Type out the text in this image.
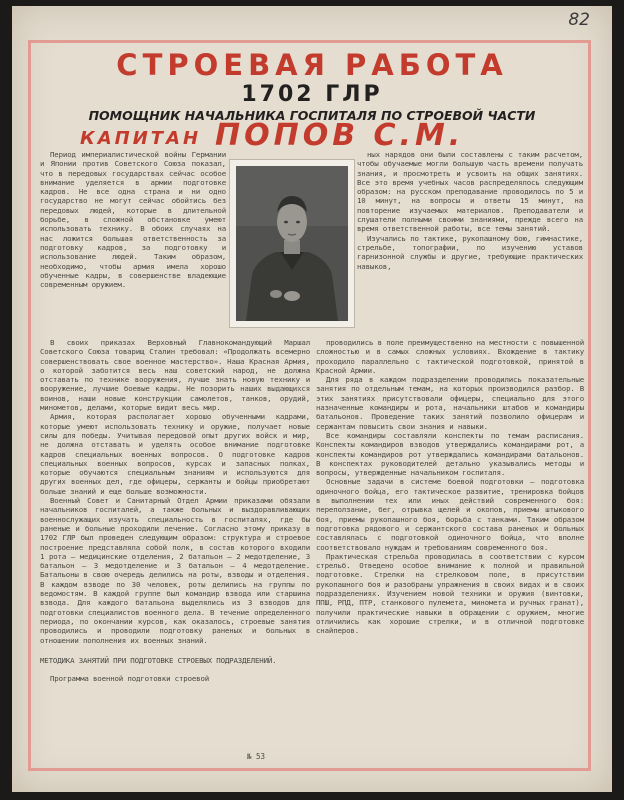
82
СТРОЕВАЯ РАБОТА
1702 ГЛР
ПОМОЩНИК НАЧАЛЬНИКА ГОСПИТАЛЯ ПО СТРОЕВОЙ ЧАСТИ
КАПИТАН ПОПОВ С.М.

Период империалистической войны Германии и Японии против Советского Союза показал, что в передовых государствах сейчас особое внимание уделяется в армии подготовке кадров. Не все одна страна и ни одно государство не могут сейчас обойтись без передовых людей, которые в длительной борьбе, в сложной обстановке умеют использовать технику. В обоих случаях на нас ложится большая ответственность за подготовку кадров, за подготовку и использование людей. Таким образом, необходимо, чтобы армия имела хорошо обученные кадры, в совершенстве владеющие современным оружием.

ных нарядов они были составлены с таким расчетом, чтобы обучаемые могли большую часть времени получать знания, и просмотреть и усвоить на общих занятиях. Все это время учебных часов распределялось следующим образом: на русском преподавание проводилось по 5 и 10 минут, на вопросы и ответы 15 минут, на повторение изучаемых материалов. Преподаватели и слушатели полными своими знаниями, прежде всего на время ответственной работы, все темы занятий.

Изучались по тактике, рукопашному бою, гимнастике, стрельбе, топографии, по изучению уставов гарнизонной службы и другие, требующие практических навыков,

В своих приказах Верховный Главнокомандующий Маршал Советского Союза товарищ Сталин требовал: «Продолжать всемерно совершенствовать свое военное мастерство». Наша Красная Армия, о которой заботится весь наш советский народ, не должна отставать по технике вооружения, лучше знать новую технику и вооружение, лучшие боевые кадры. Не позорить наших выдающихся воинов, наши новые конструкции самолетов, танков, орудий, минометов, делами, которые видит весь мир.

Армия, которая располагает хорошо обученными кадрами, которые умеют использовать технику и оружие, получает новые силы для победы. Учитывая передовой опыт других войск и мир, не должна отставать и уделять особое внимание подготовке кадров специальных военных вопросов. О подготовке кадров специальных военных вопросов, курсах и запасных полках, которые обучаются специальным знаниям и используются для других военных дел, где офицеры, сержанты и бойцы приобретают больше знаний и еще больше возможности.

Военный Совет и Санитарный Отдел Армии приказами обязали начальников госпиталей, а также больных и выздоравливающих военнослужащих изучать специальность в госпиталях, где бы раненые и больные проходили лечение. Согласно этому приказу в 1702 ГЛР был проведен следующим образом: структура и строевое построение представляла собой полк, в состав которого входили 1 рота — медицинские отделения, 2 батальон — 2 медотделение, 3 батальон — 3 медотделение и 3 батальон — 4 медотделение. Батальоны в свою очередь делились на роты, взводы и отделения. В каждом взводе по 30 человек, роты делились на группы по ведомостям. В каждой группе был командир взвода или старшина взвода. Для каждого батальона выделялись из 3 взводов для подготовки специалистов военного дела. В течение определенного периода, по окончании курсов, как оказалось, строевые занятия проводились и проводили подготовку раненых и больных в отношении пополнения их военных знаний.

МЕТОДИКА ЗАНЯТИЙ ПРИ ПОДГОТОВКЕ СТРОЕВЫХ ПОДРАЗДЕЛЕНИЙ.

Программа военной подготовки строевой

№ 53

проводились в поле преимущественно на местности с повышенной сложностью и в самых сложных условиях. Вхождение в тактику проходило параллельно с тактической подготовкой, принятой в Красной Армии.

Для ряда в каждом подразделении проводились показательные занятия по отдельным темам, на которых производился разбор. В этих занятиях присутствовали офицеры, специально для этого назначенные командиры и рота, начальники штабов и командиры батальонов. Проведение таких занятий позволило офицерам и сержантам повысить свои знания и навыки.

Все командиры составляли конспекты по темам расписания. Конспекты командиров взводов утверждались командирами рот, а конспекты командиров рот утверждались командирами батальонов. В конспектах руководителей детально указывались методы и вопросы, утвержденные начальником госпиталя.

Основные задачи в системе боевой подготовки — подготовка одиночного бойца, его тактическое развитие, тренировка бойцов в выполнении тех или иных действий современного боя: переползание, бег, отрывка щелей и окопов, приемы штыкового боя, приемы рукопашного боя, борьба с танками. Таким образом подготовка рядового и сержантского состава раненых и больных составлялась с подготовкой одиночного бойца, что вполне соответствовало нуждам и требованиям современного боя.

Практическая стрельба проводилась в соответствии с курсом стрельб. Отведено особое внимание к полной и правильной подготовке. Стрелки на стрелковом поле, в присутствии рукопашного боя и разобраны упражнения в своих видах и в своих подразделениях. Изучением новой техники и оружия (винтовки, ППШ, РПД, ПТР, станкового пулемета, миномета и ручных гранат), получили практические навыки в обращении с оружием, многие отличились как хорошие стрелки, и в отличной подготовке снайперов.
